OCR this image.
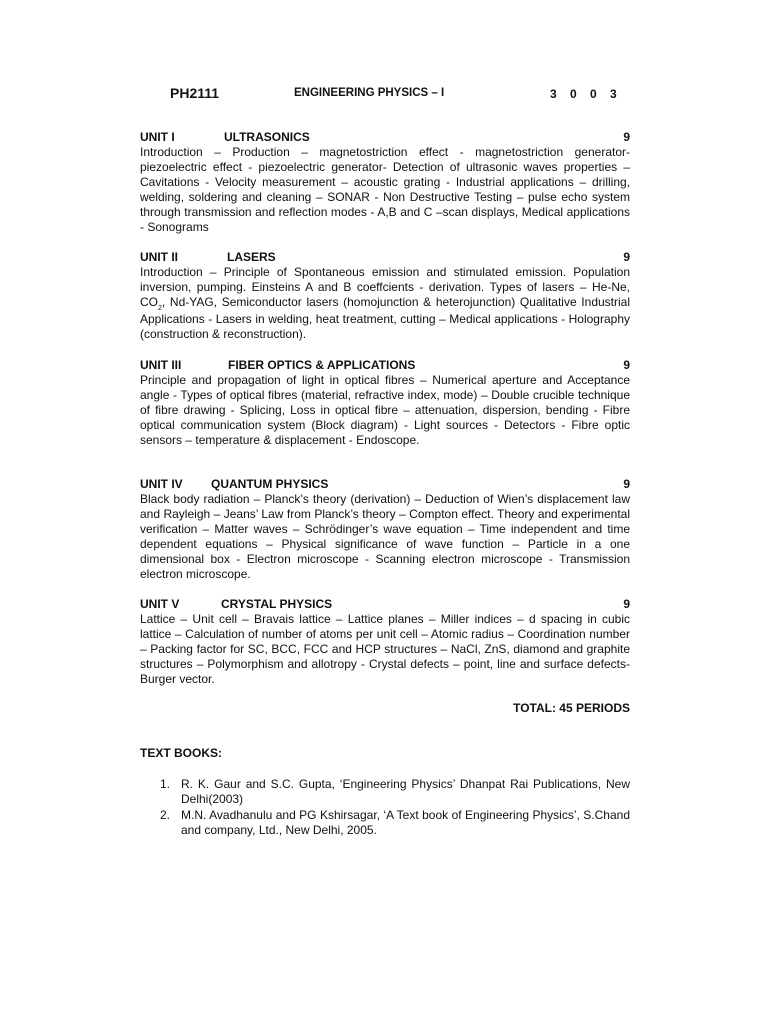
PH2111	ENGINEERING PHYSICS – I	3 0 0 3
UNIT I	ULTRASONICS	9
Introduction – Production – magnetostriction effect - magnetostriction generator- piezoelectric effect - piezoelectric generator- Detection of ultrasonic waves properties – Cavitations - Velocity measurement – acoustic grating - Industrial applications – drilling, welding, soldering and cleaning – SONAR - Non Destructive Testing – pulse echo system through transmission and reflection modes - A,B and C –scan displays, Medical applications - Sonograms
UNIT II	LASERS	9
Introduction – Principle of Spontaneous emission and stimulated emission. Population inversion, pumping. Einsteins A and B coeffcients - derivation. Types of lasers – He-Ne, $CO_2$, Nd-YAG, Semiconductor lasers (homojunction & heterojunction) Qualitative Industrial Applications - Lasers in welding, heat treatment, cutting – Medical applications - Holography (construction & reconstruction).
UNIT III	FIBER OPTICS & APPLICATIONS	9
Principle and propagation of light in optical fibres – Numerical aperture and Acceptance angle - Types of optical fibres (material, refractive index, mode) – Double crucible technique of fibre drawing - Splicing, Loss in optical fibre – attenuation, dispersion, bending - Fibre optical communication system (Block diagram) - Light sources - Detectors - Fibre optic sensors – temperature & displacement - Endoscope.
UNIT IV QUANTUM PHYSICS	9
Black body radiation – Planck’s theory (derivation) – Deduction of Wien’s displacement law and Rayleigh – Jeans’ Law from Planck’s theory – Compton effect. Theory and experimental verification – Matter waves – Schrödinger’s wave equation – Time independent and time dependent equations – Physical significance of wave function – Particle in a one dimensional box - Electron microscope - Scanning electron microscope - Transmission electron microscope.
UNIT V	CRYSTAL PHYSICS	9
Lattice – Unit cell – Bravais lattice – Lattice planes – Miller indices – d spacing in cubic lattice – Calculation of number of atoms per unit cell – Atomic radius – Coordination number – Packing factor for SC, BCC, FCC and HCP structures – NaCl, ZnS, diamond and graphite structures – Polymorphism and allotropy - Crystal defects – point, line and surface defects- Burger vector.
TOTAL: 45 PERIODS
TEXT BOOKS:
1. R. K. Gaur and S.C. Gupta, ‘Engineering Physics’ Dhanpat Rai Publications, New Delhi(2003)
2. M.N. Avadhanulu and PG Kshirsagar, ‘A Text book of Engineering Physics’, S.Chand and company, Ltd., New Delhi, 2005.
